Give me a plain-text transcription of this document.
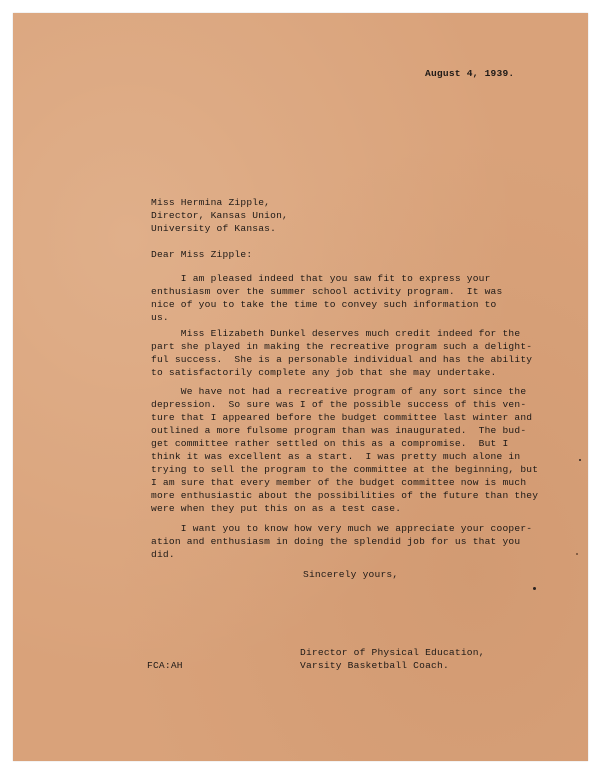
August 4, 1939.
Miss Hermina Zipple,
Director, Kansas Union,
University of Kansas.
Dear Miss Zipple:
I am pleased indeed that you saw fit to express your
enthusiasm over the summer school activity program.  It was
nice of you to take the time to convey such information to
us.
Miss Elizabeth Dunkel deserves much credit indeed for the
part she played in making the recreative program such a delight-
ful success.  She is a personable individual and has the ability
to satisfactorily complete any job that she may undertake.
We have not had a recreative program of any sort since the
depression.  So sure was I of the possible success of this ven-
ture that I appeared before the budget committee last winter and
outlined a more fulsome program than was inaugurated.  The bud-
get committee rather settled on this as a compromise.  But I
think it was excellent as a start.  I was pretty much alone in
trying to sell the program to the committee at the beginning, but
I am sure that every member of the budget committee now is much
more enthusiastic about the possibilities of the future than they
were when they put this on as a test case.
I want you to know how very much we appreciate your cooper-
ation and enthusiasm in doing the splendid job for us that you
did.
Sincerely yours,
Director of Physical Education,
Varsity Basketball Coach.
FCA:AH
